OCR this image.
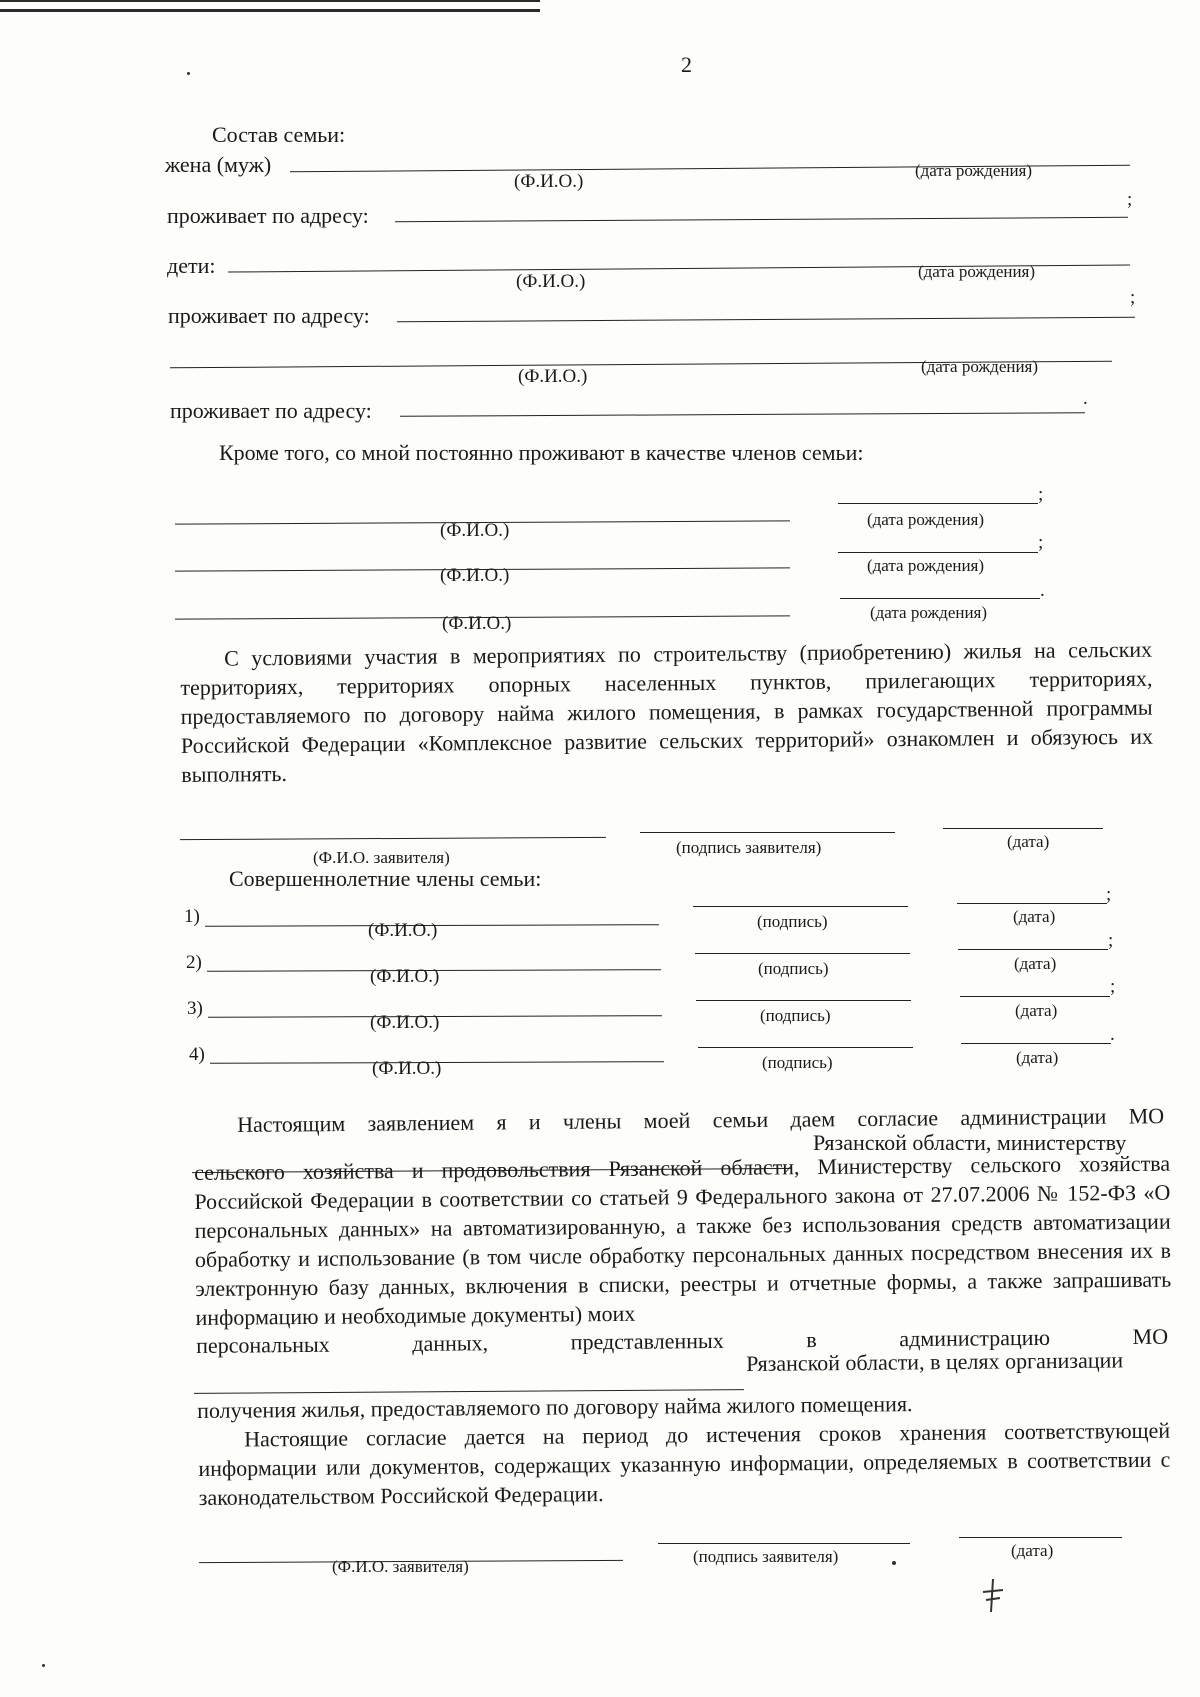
2
Состав семьи:
жена (муж)
(Ф.И.О.)
(дата рождения)
проживает по адресу:
;
дети:
(Ф.И.О.)	(дата рождения)
проживает по адресу:
;
(Ф.И.О.)	(дата рождения)
проживает по адресу:	.
Кроме того, со мной постоянно проживают в качестве членов семьи:
;
(Ф.И.О.)
(дата рождения)
;
(Ф.И.О.)	(дата рождения)
.
(Ф.И.О.)
(дата рождения)
С условиями участия в мероприятиях по строительству (приобретению) жилья на сельских территориях, территориях опорных населенных пунктов, прилегающих территориях, предоставляемого по договору найма жилого помещения, в рамках государственной программы Российской Федерации «Комплексное развитие сельских территорий» ознакомлен и обязуюсь их выполнять.
(Ф.И.О. заявителя)
(подпись заявителя)	(дата)
Совершеннолетние члены семьи:
1)
;
(Ф.И.О.)	(подпись)	(дата)
2)
;
(Ф.И.О.)	(подпись)	(дата)
3)
;
(Ф.И.О.)	(подпись)	(дата)
4)
.
(Ф.И.О.)	(подпись)	(дата)
Настоящим заявлением я и члены моей семьи даем согласие администрации МО
Рязанской области, министерству
сельского хозяйства и продовольствия Рязанской области, Министерству сельского хозяйства Российской Федерации в соответствии со статьей 9 Федерального закона от 27.07.2006 № 152-ФЗ «О персональных данных» на автоматизированную, а также без использования средств автоматизации обработку и использование (в том числе обработку персональных данных посредством внесения их в электронную базу данных, включения в списки, реестры и отчетные формы, а также запрашивать информацию и необходимые документы) моих
персональных	данных,	представленных	в	администрацию	МО
Рязанской области, в целях организации
получения жилья, предоставляемого по договору найма жилого помещения.
Настоящие согласие дается на период до истечения сроков хранения соответствующей информации или документов, содержащих указанную информации, определяемых в соответствии с законодательством Российской Федерации.
(Ф.И.О. заявителя)
(подпись заявителя)	(дата)
